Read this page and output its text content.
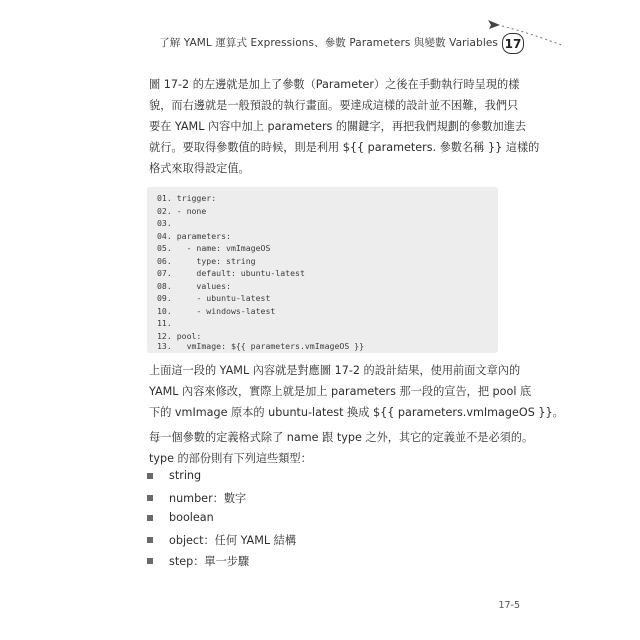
了解 YAML 運算式 Expressions、參數 Parameters 與變數 Variables 17
圖 17-2 的左邊就是加上了參數（Parameter）之後在手動執行時呈現的樣
貌，而右邊就是一般預設的執行畫面。要達成這樣的設計並不困難，我們只
要在 YAML 內容中加上 parameters 的關鍵字，再把我們規劃的參數加進去
就行。要取得參數值的時候，則是利用 ${{ parameters. 參數名稱 }} 這樣的
格式來取得設定值。
01. trigger:
02. - none
03.
04. parameters:
05.   - name: vmImageOS
06.     type: string
07.     default: ubuntu-latest
08.     values:
09.     - ubuntu-latest
10.     - windows-latest
11.
12. pool:
13.   vmImage: ${{ parameters.vmImageOS }}
上面這一段的 YAML 內容就是對應圖 17-2 的設計結果，使用前面文章內的
YAML 內容來修改，實際上就是加上 parameters 那一段的宣告，把 pool 底
下的 vmImage 原本的 ubuntu-latest 換成 ${{ parameters.vmImageOS }}。
每一個參數的定義格式除了 name 跟 type 之外，其它的定義並不是必須的。
type 的部份則有下列這些類型：
string
number：數字
boolean
object：任何 YAML 結構
step：單一步驟
17-5
